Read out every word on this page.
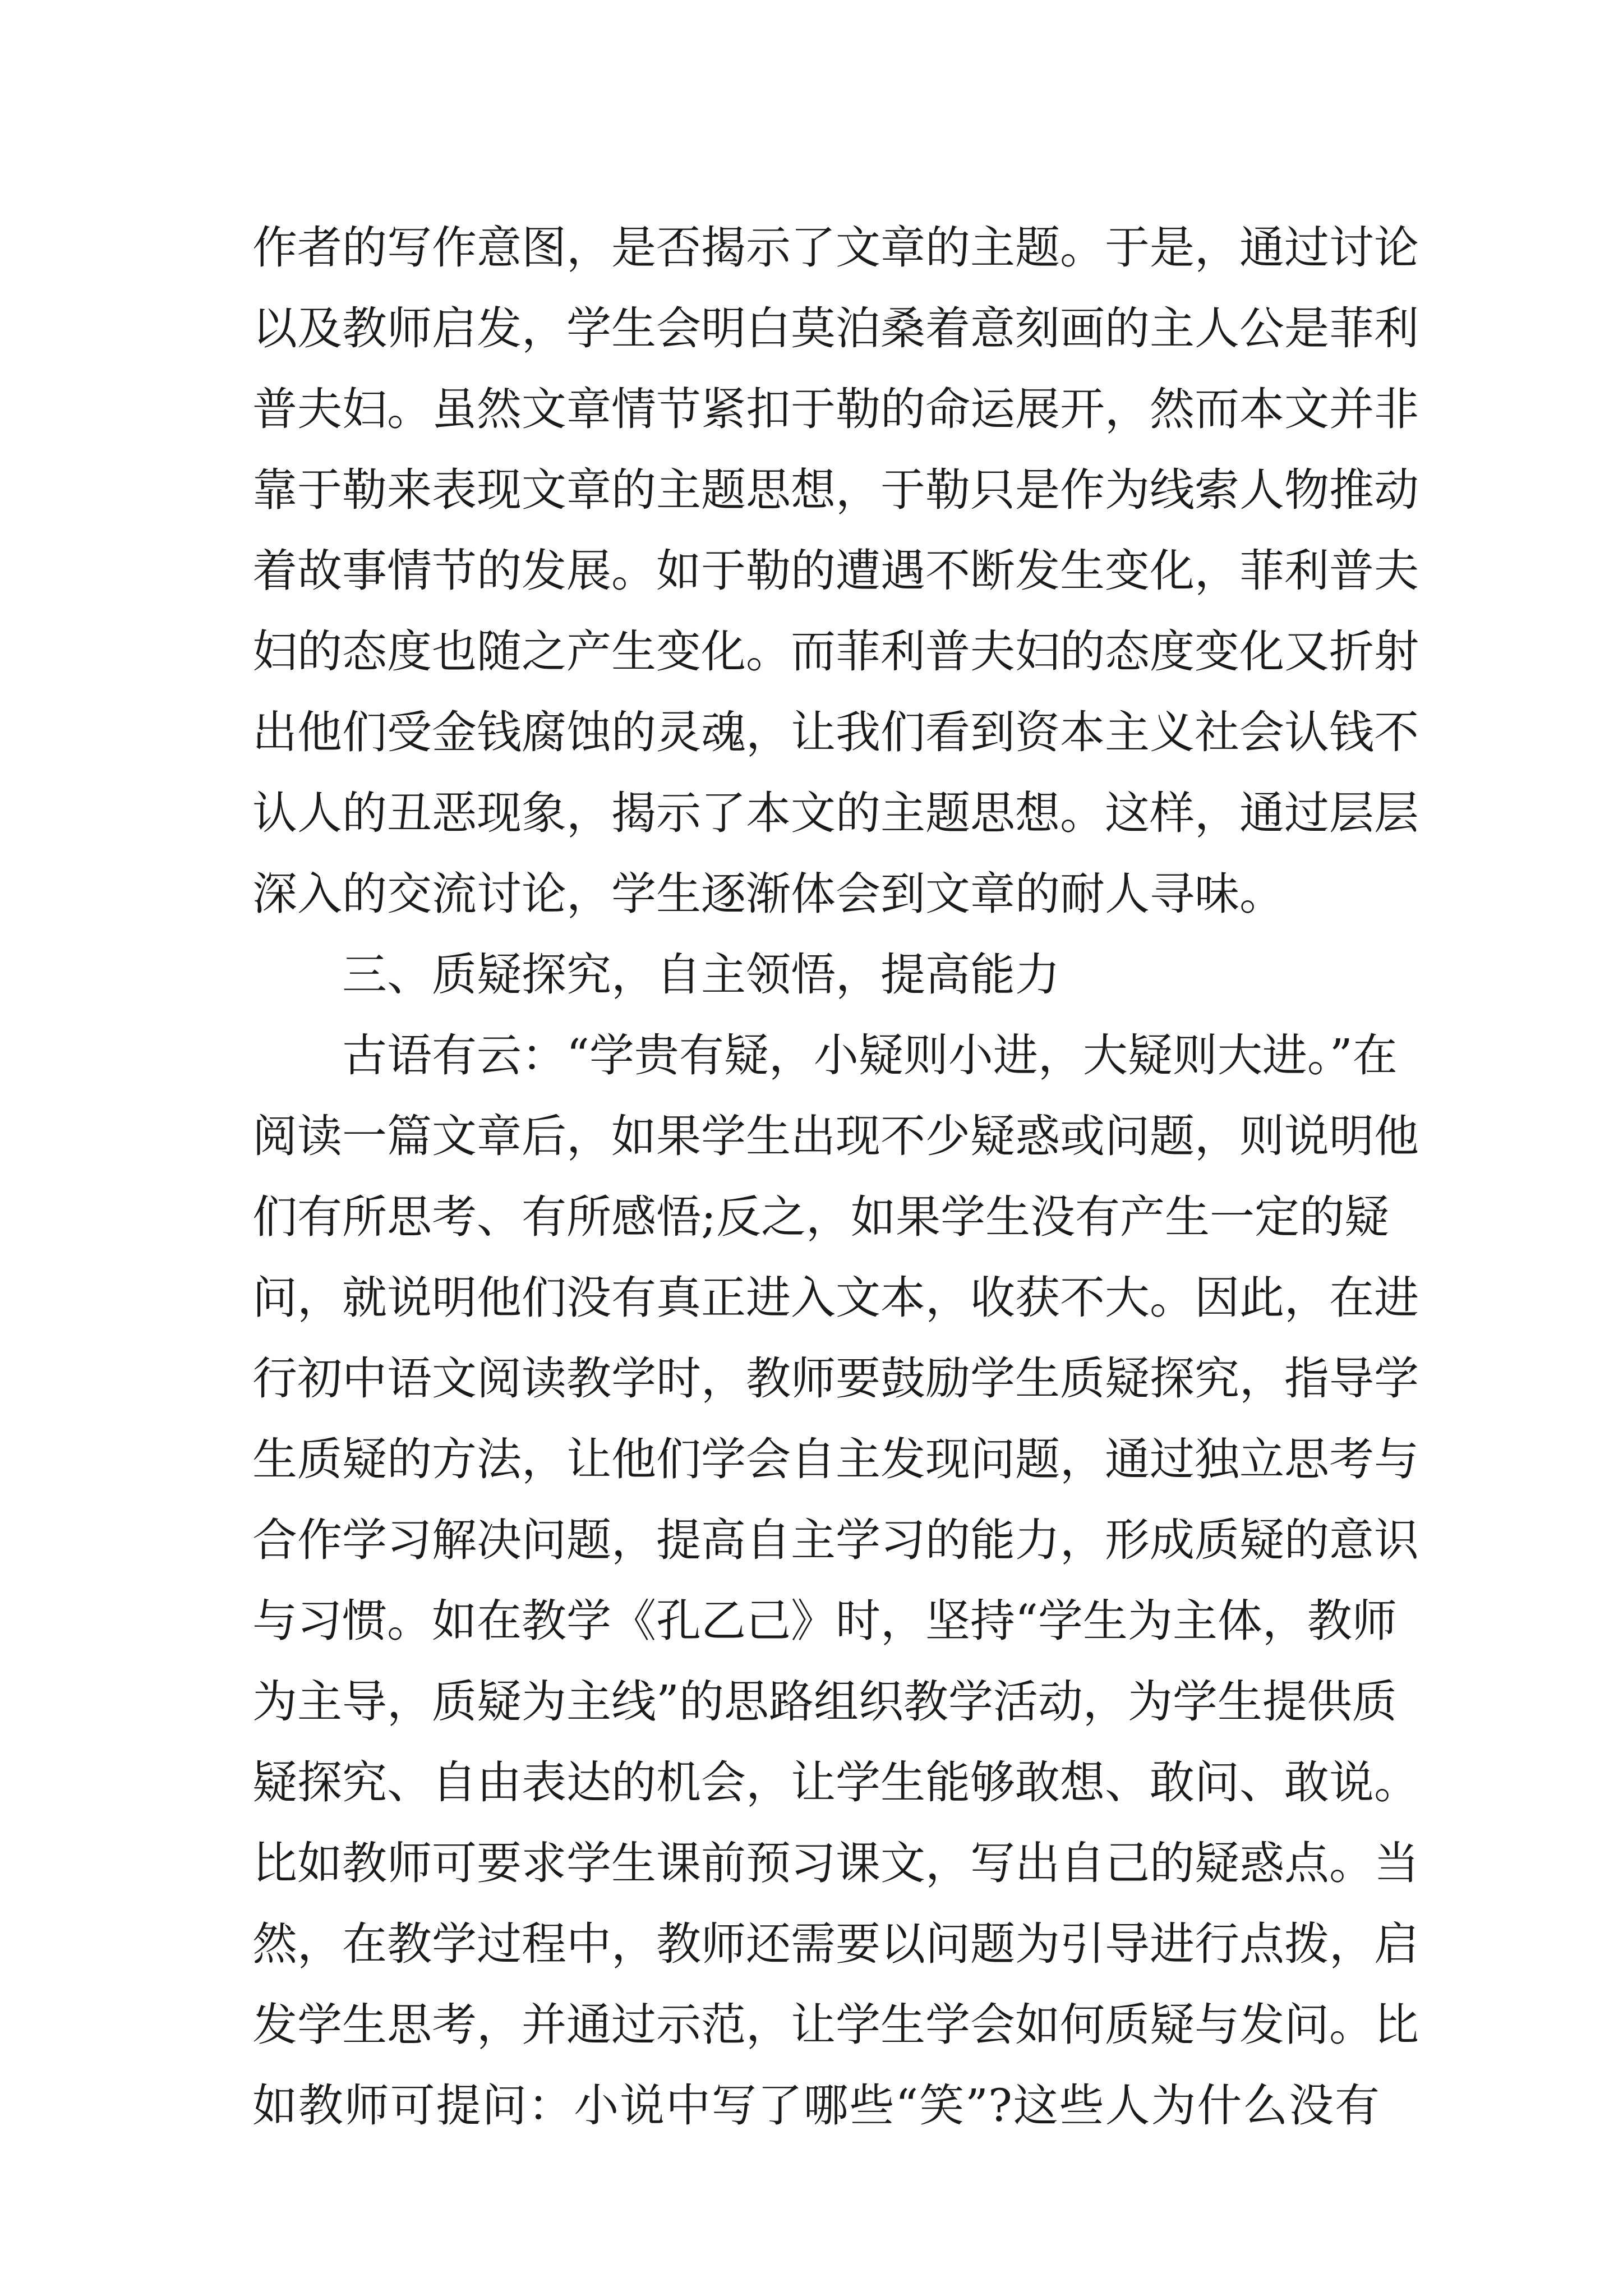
作者的写作意图，是否揭示了文章的主题。于是，通过讨论
以及教师启发，学生会明白莫泊桑着意刻画的主人公是菲利
普夫妇。虽然文章情节紧扣于勒的命运展开，然而本文并非
靠于勒来表现文章的主题思想，于勒只是作为线索人物推动
着故事情节的发展。如于勒的遭遇不断发生变化，菲利普夫
妇的态度也随之产生变化。而菲利普夫妇的态度变化又折射
出他们受金钱腐蚀的灵魂，让我们看到资本主义社会认钱不
认人的丑恶现象，揭示了本文的主题思想。这样，通过层层
深入的交流讨论，学生逐渐体会到文章的耐人寻味。
三、质疑探究，自主领悟，提高能力
古语有云：“学贵有疑，小疑则小进，大疑则大进。”在
阅读一篇文章后，如果学生出现不少疑惑或问题，则说明他
们有所思考、有所感悟;反之，如果学生没有产生一定的疑
问，就说明他们没有真正进入文本，收获不大。因此，在进
行初中语文阅读教学时，教师要鼓励学生质疑探究，指导学
生质疑的方法，让他们学会自主发现问题，通过独立思考与
合作学习解决问题，提高自主学习的能力，形成质疑的意识
与习惯。如在教学《孔乙己》时，坚持“学生为主体，教师
为主导，质疑为主线”的思路组织教学活动，为学生提供质
疑探究、自由表达的机会，让学生能够敢想、敢问、敢说。
比如教师可要求学生课前预习课文，写出自己的疑惑点。当
然，在教学过程中，教师还需要以问题为引导进行点拨，启
发学生思考，并通过示范，让学生学会如何质疑与发问。比
如教师可提问：小说中写了哪些“笑”?这些人为什么没有
